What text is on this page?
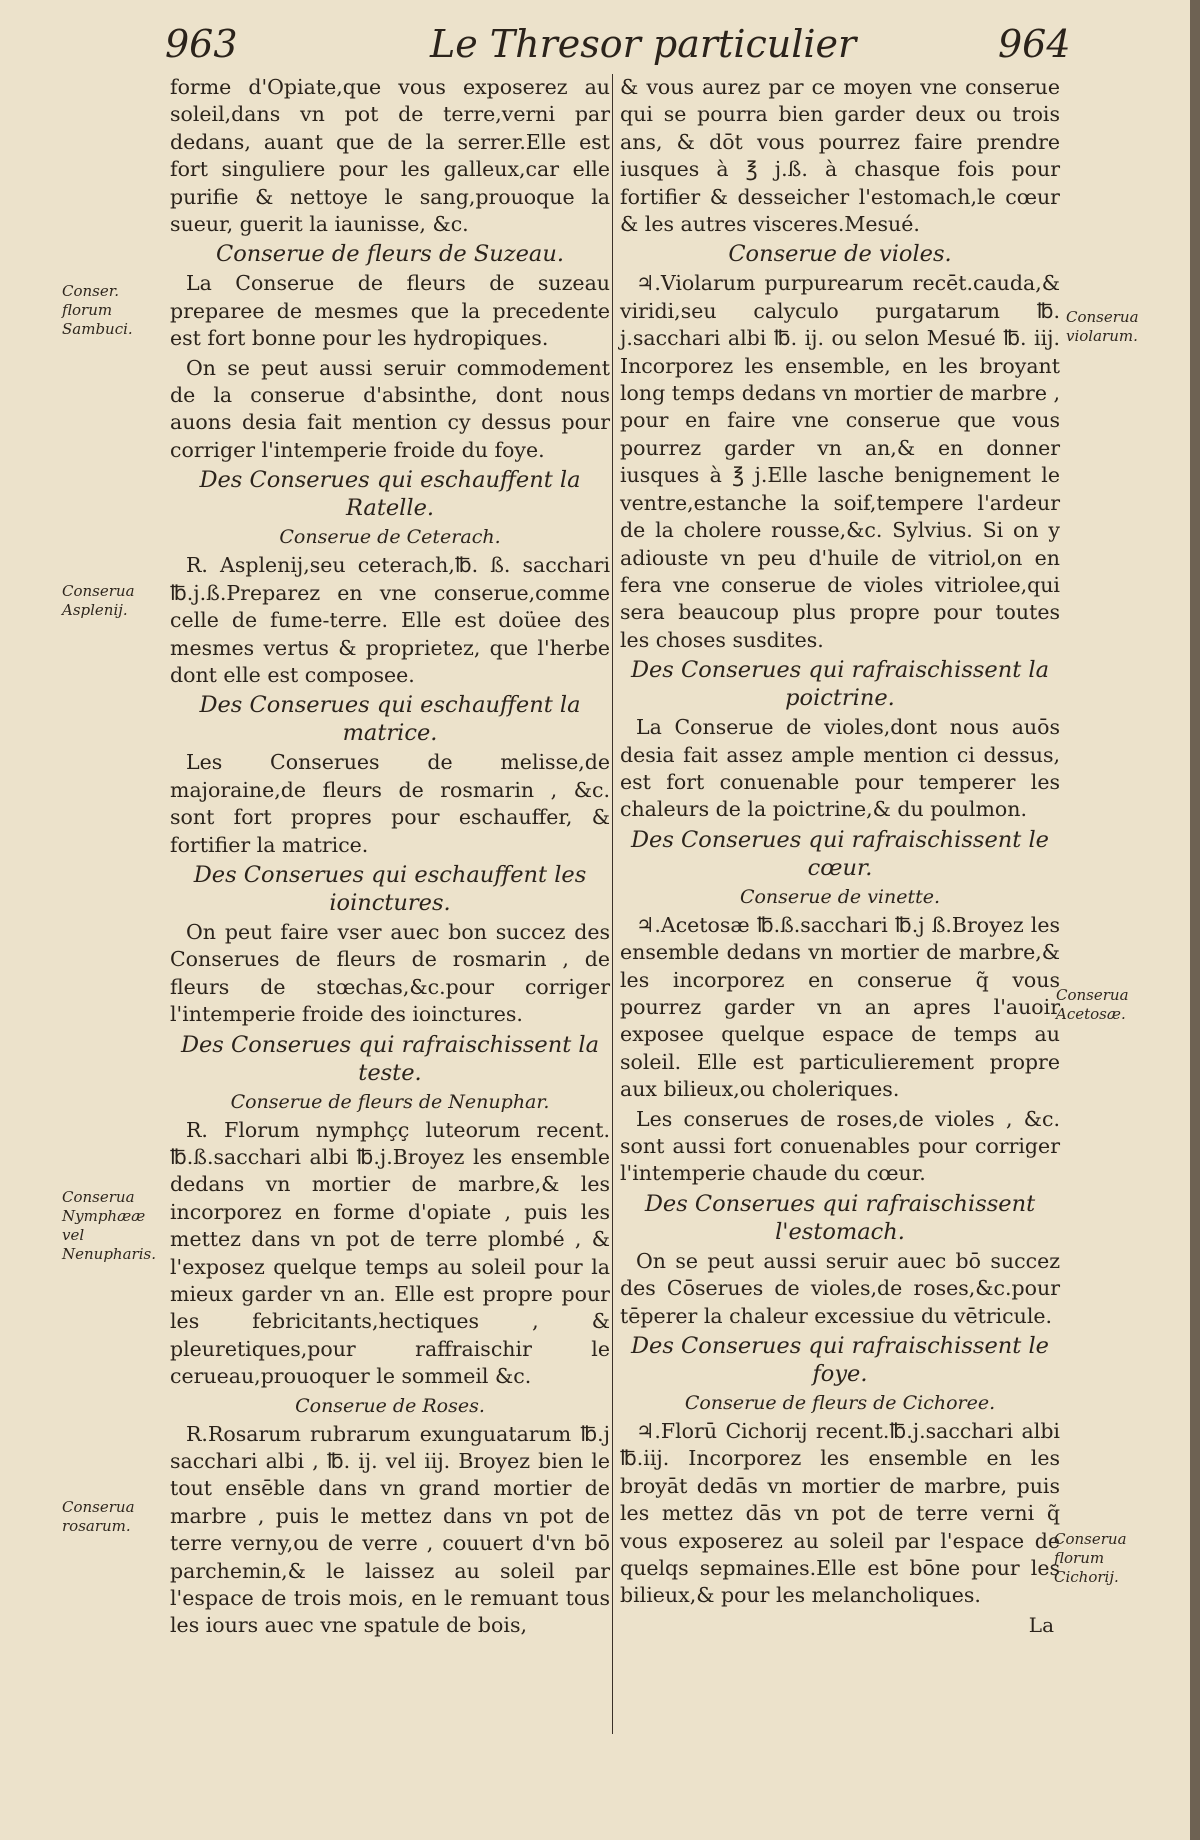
963	Le Thresor particulier	964

forme d'Opiate,que vous exposerez au soleil,dans vn pot de terre,verni par dedans, auant que de la serrer.Elle est fort singuliere pour les galleux,car elle purifie & nettoye le sang,prouoque la sueur, guerit la iaunisse, &c.

Conserue de fleurs de Suzeau.

La Conserue de fleurs de suzeau preparee de mesmes que la precedente est fort bonne pour les hydropiques.

On se peut aussi seruir commodement de la conserue d'absinthe, dont nous auons desia fait mention cy dessus pour corriger l'intemperie froide du foye.

Des Conserues qui eschauffent la Ratelle.
Conserue de Ceterach.

R. Asplenij,seu ceterach,℔. ß. sacchari ℔.j.ß.Preparez en vne conserue,comme celle de fume-terre. Elle est doüee des mesmes vertus & proprietez, que l'herbe dont elle est composee.

Des Conserues qui eschauffent la matrice.

Les Conserues de melisse,de majoraine,de fleurs de rosmarin , &c. sont fort propres pour eschauffer, & fortifier la matrice.

Des Conserues qui eschauffent les ioinctures.

On peut faire vser auec bon succez des Conserues de fleurs de rosmarin , de fleurs de stœchas,&c.pour corriger l'intemperie froide des ioinctures.

Des Conserues qui rafraischissent la teste.
Conserue de fleurs de Nenuphar.

R. Florum nymphçç luteorum recent. ℔.ß.sacchari albi ℔.j.Broyez les ensemble dedans vn mortier de marbre,& les incorporez en forme d'opiate , puis les mettez dans vn pot de terre plombé , & l'exposez quelque temps au soleil pour la mieux garder vn an. Elle est propre pour les febricitants,hectiques , & pleuretiques,pour raffraischir le cerueau,prouoquer le sommeil &c.

Conserue de Roses.

R.Rosarum rubrarum exunguatarum ℔.j sacchari albi , ℔. ij. vel iij. Broyez bien le tout ensēble dans vn grand mortier de marbre , puis le mettez dans vn pot de terre verny,ou de verre , couuert d'vn bō parchemin,& le laissez au soleil par l'espace de trois mois, en le remuant tous les iours auec vne spatule de bois,

& vous aurez par ce moyen vne conserue qui se pourra bien garder deux ou trois ans, & dōt vous pourrez faire prendre iusques à ℥ j.ß. à chasque fois pour fortifier & desseicher l'estomach,le cœur & les autres visceres.Mesué.

Conserue de violes.

♃.Violarum purpurearum recēt.cauda,& viridi,seu calyculo purgatarum ℔. j.sacchari albi ℔. ij. ou selon Mesué ℔. iij. Incorporez les ensemble, en les broyant long temps dedans vn mortier de marbre , pour en faire vne conserue que vous pourrez garder vn an,& en donner iusques à ℥ j.Elle lasche benignement le ventre,estanche la soif,tempere l'ardeur de la cholere rousse,&c. Sylvius. Si on y adiouste vn peu d'huile de vitriol,on en fera vne conserue de violes vitriolee,qui sera beaucoup plus propre pour toutes les choses susdites.

Des Conserues qui rafraischissent la poictrine.

La Conserue de violes,dont nous auōs desia fait assez ample mention ci dessus, est fort conuenable pour temperer les chaleurs de la poictrine,& du poulmon.

Des Conserues qui rafraischissent le cœur.
Conserue de vinette.

♃.Acetosæ ℔.ß.sacchari ℔.j ß.Broyez les ensemble dedans vn mortier de marbre,& les incorporez en conserue q̃ vous pourrez garder vn an apres l'auoir exposee quelque espace de temps au soleil. Elle est particulierement propre aux bilieux,ou choleriques.

Les conserues de roses,de violes , &c. sont aussi fort conuenables pour corriger l'intemperie chaude du cœur.

Des Conserues qui rafraischissent l'estomach.

On se peut aussi seruir auec bō succez des Cōserues de violes,de roses,&c.pour tēperer la chaleur excessiue du vētricule.

Des Conserues qui rafraischissent le foye.
Conserue de fleurs de Cichoree.

♃.Florū Cichorij recent.℔.j.sacchari albi ℔.iij. Incorporez les ensemble en les broyāt dedās vn mortier de marbre, puis les mettez dās vn pot de terre verni q̃ vous exposerez au soleil par l'espace de quelqs sepmaines.Elle est bōne pour les bilieux,& pour les melancholiques.

La
Conser. florum Sambuci.
Conserua Asplenij.
Conserua Nymphææ vel Nenupharis.
Conserua rosarum.
Conserua violarum.
Conserua Acetosæ.
Conserua florum Cichorij.
